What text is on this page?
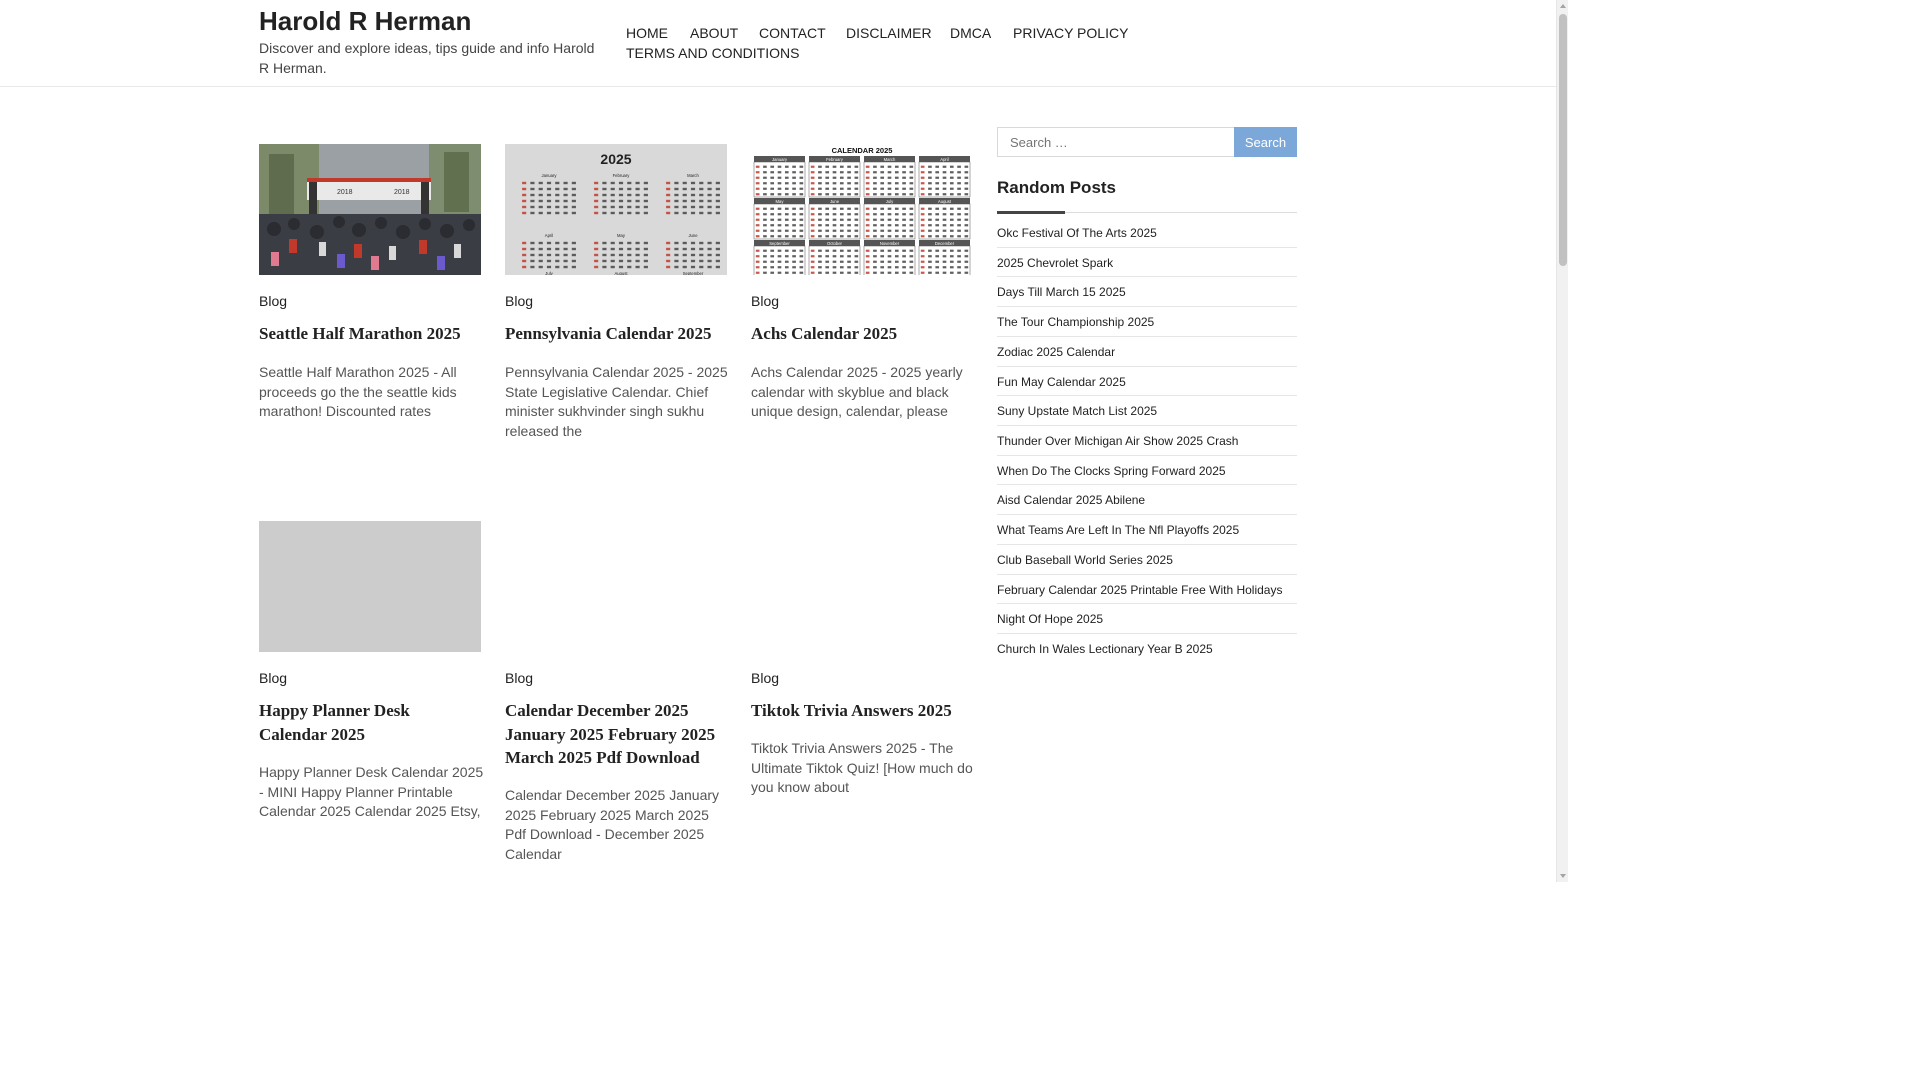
Harold R Herman
Discover and explore ideas, tips guide and info Harold R Herman.
HOME ABOUT CONTACT DISCLAIMER DMCA PRIVACY POLICY
TERMS AND CONDITIONS
2018	2018
Blog
Seattle Half Marathon 2025

Seattle Half Marathon 2025 - All proceeds go the the seattle kids marathon! Discounted rates

2025
January	February	March
April	May	June
July	August	September
Blog
Pennsylvania Calendar 2025

Pennsylvania Calendar 2025 - 2025 State Legislative Calendar. Chief minister sukhvinder singh sukhu released the

CALENDAR 2025
January	February	March	April
May	June	July	August
September	October	November	December
Blog
Achs Calendar 2025

Achs Calendar 2025 - 2025 yearly calendar with skyblue and black unique design, calendar, please

Blog
Happy Planner Desk Calendar 2025

Happy Planner Desk Calendar 2025 - MINI Happy Planner Printable Calendar 2025 Calendar 2025 Etsy,

Blog
Calendar December 2025 January 2025 February 2025 March 2025 Pdf Download

Calendar December 2025 January 2025 February 2025 March 2025 Pdf Download - December 2025 Calendar

Blog
Tiktok Trivia Answers 2025

Tiktok Trivia Answers 2025 - The Ultimate Tiktok Quiz! [How much do you know about

Search …
Search
Random Posts
Okc Festival Of The Arts 2025
2025 Chevrolet Spark
Days Till March 15 2025
The Tour Championship 2025
Zodiac 2025 Calendar
Fun May Calendar 2025
Suny Upstate Match List 2025
Thunder Over Michigan Air Show 2025 Crash
When Do The Clocks Spring Forward 2025
Aisd Calendar 2025 Abilene
What Teams Are Left In The Nfl Playoffs 2025
Club Baseball World Series 2025
February Calendar 2025 Printable Free With Holidays
Night Of Hope 2025
Church In Wales Lectionary Year B 2025
